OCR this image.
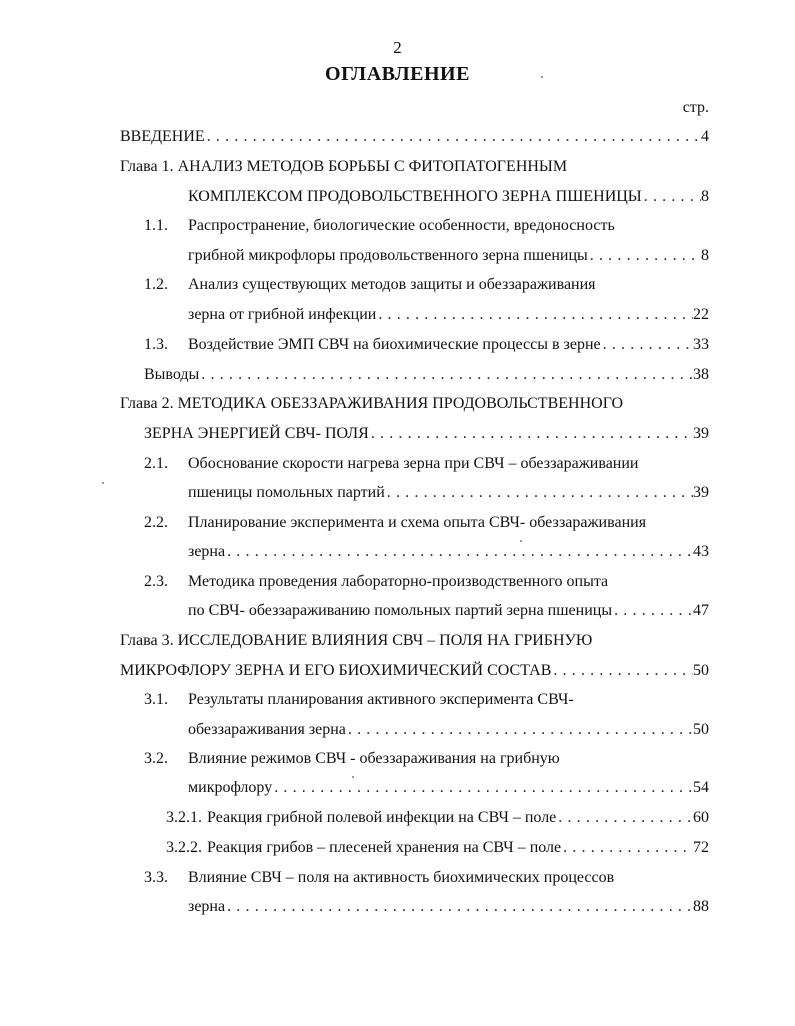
2
ОГЛАВЛЕНИЕ
стр.
ВВЕДЕНИЕ . . .	4
Глава 1. АНАЛИЗ МЕТОДОВ БОРЬБЫ С ФИТОПАТОГЕННЫМ
КОМПЛЕКСОМ ПРОДОВОЛЬСТВЕННОГО ЗЕРНА ПШЕНИЦЫ . . .	8
1.1. Распространение, биологические особенности, вредоносность
грибной микрофлоры продовольственного зерна пшеницы . . .	8
1.2. Анализ существующих методов защиты и обеззараживания
зерна от грибной инфекции . . .	22
1.3. Воздействие ЭМП СВЧ на биохимические процессы в зерне . . .	33
Выводы . . .	38
Глава 2. МЕТОДИКА ОБЕЗЗАРАЖИВАНИЯ ПРОДОВОЛЬСТВЕННОГО
ЗЕРНА ЭНЕРГИЕЙ СВЧ- ПОЛЯ . . .	39
2.1. Обоснование скорости нагрева зерна при СВЧ – обеззараживании
пшеницы помольных партий . . .	39
2.2. Планирование эксперимента и схема опыта СВЧ- обеззараживания
зерна . . .	43
2.3. Методика проведения лабораторно-производственного опыта
по СВЧ- обеззараживанию помольных партий зерна пшеницы . . .	47
Глава 3. ИССЛЕДОВАНИЕ ВЛИЯНИЯ СВЧ – ПОЛЯ НА ГРИБНУЮ
МИКРОФЛОРУ ЗЕРНА И ЕГО БИОХИМИЧЕСКИЙ СОСТАВ . . .	50
3.1. Результаты планирования активного эксперимента СВЧ-
обеззараживания зерна . . .	50
3.2. Влияние режимов СВЧ - обеззараживания на грибную
микрофлору . . .	54
3.2.1. Реакция грибной полевой инфекции на СВЧ – поле . . .	60
3.2.2. Реакция грибов – плесеней хранения на СВЧ – поле . . .	72
3.3. Влияние СВЧ – поля на активность биохимических процессов
зерна . . .	88
